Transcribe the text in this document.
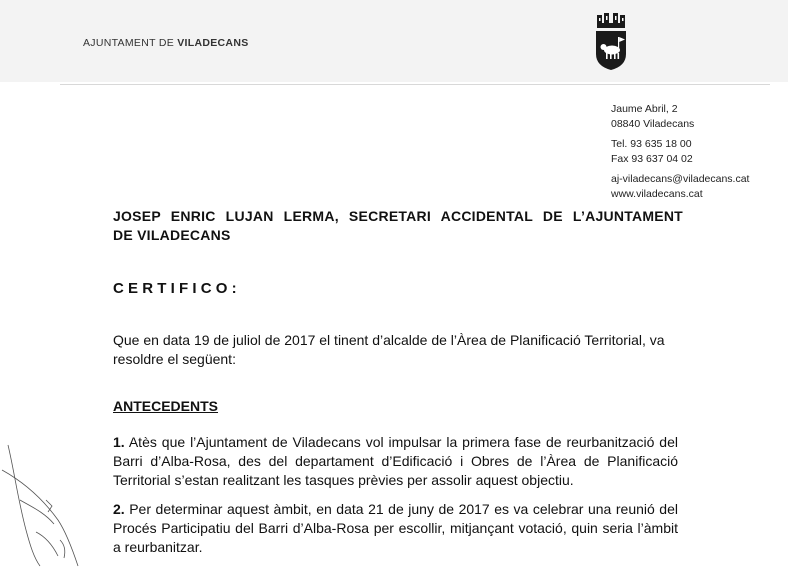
AJUNTAMENT DE VILADECANS
Jaume Abril, 2
08840 Viladecans
Tel. 93 635 18 00
Fax 93 637 04 02
aj-viladecans@viladecans.cat
www.viladecans.cat
JOSEP ENRIC LUJAN LERMA, SECRETARI ACCIDENTAL DE L’AJUNTAMENT
DE VILADECANS
CERTIFICO:
Que en data 19 de juliol de 2017 el tinent d’alcalde de l’Àrea de Planificació Territorial, va resoldre el següent:
ANTECEDENTS
1. Atès que l’Ajuntament de Viladecans vol impulsar la primera fase de reurbanització del Barri d’Alba-Rosa, des del departament d’Edificació i Obres de l’Àrea de Planificació Territorial s’estan realitzant les tasques prèvies per assolir aquest objectiu.
2. Per determinar aquest àmbit, en data 21 de juny de 2017 es va celebrar una reunió del Procés Participatiu del Barri d’Alba-Rosa per escollir, mitjançant votació, quin seria l’àmbit a reurbanitzar.
